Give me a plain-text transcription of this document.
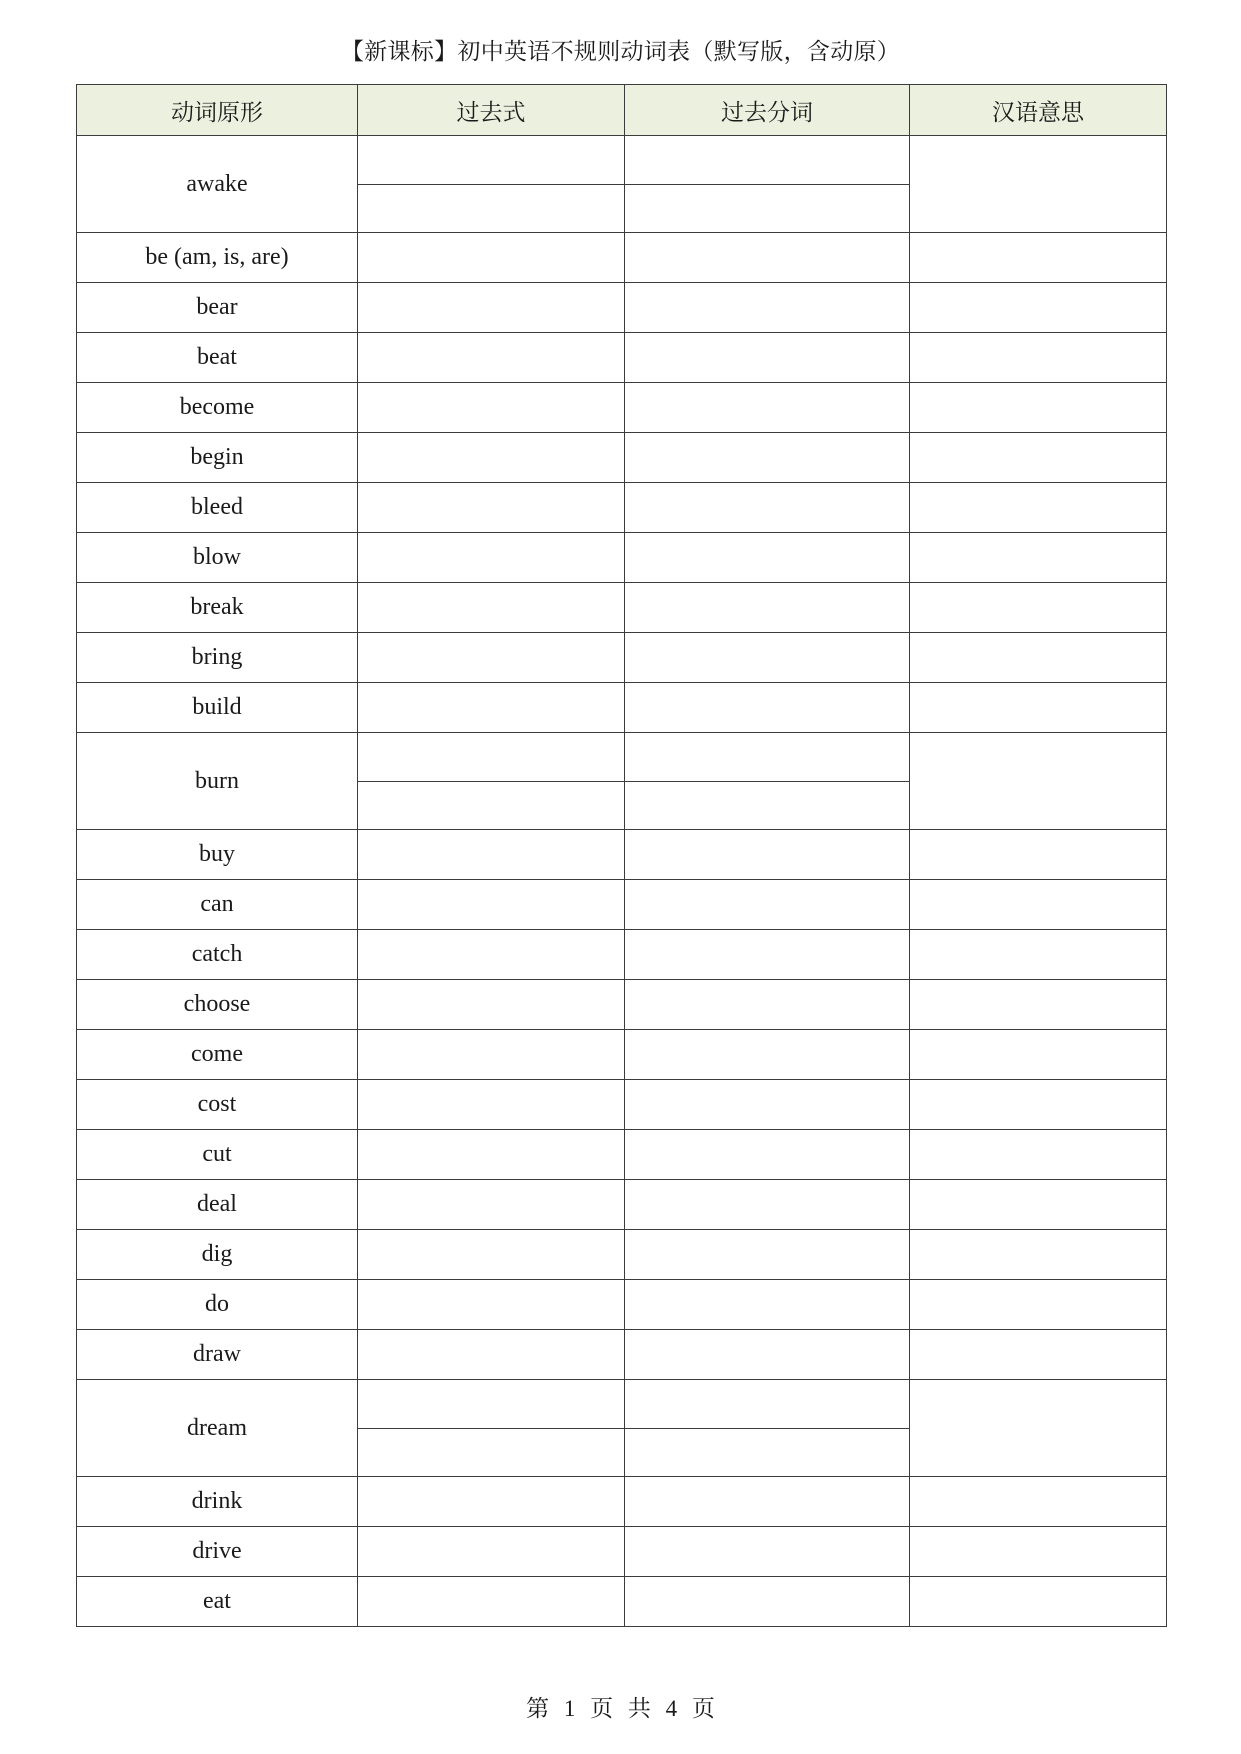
【新课标】初中英语不规则动词表（默写版，含动原）
动词原形	过去式	过去分词	汉语意思
awake			

be (am, is, are)			
bear			
beat			
become			
begin			
bleed			
blow			
break			
bring			
build			
burn			

buy			
can			
catch			
choose			
come			
cost			
cut			
deal			
dig			
do			
draw			
dream			

drink			
drive			
eat			
第 1 页 共 4 页
